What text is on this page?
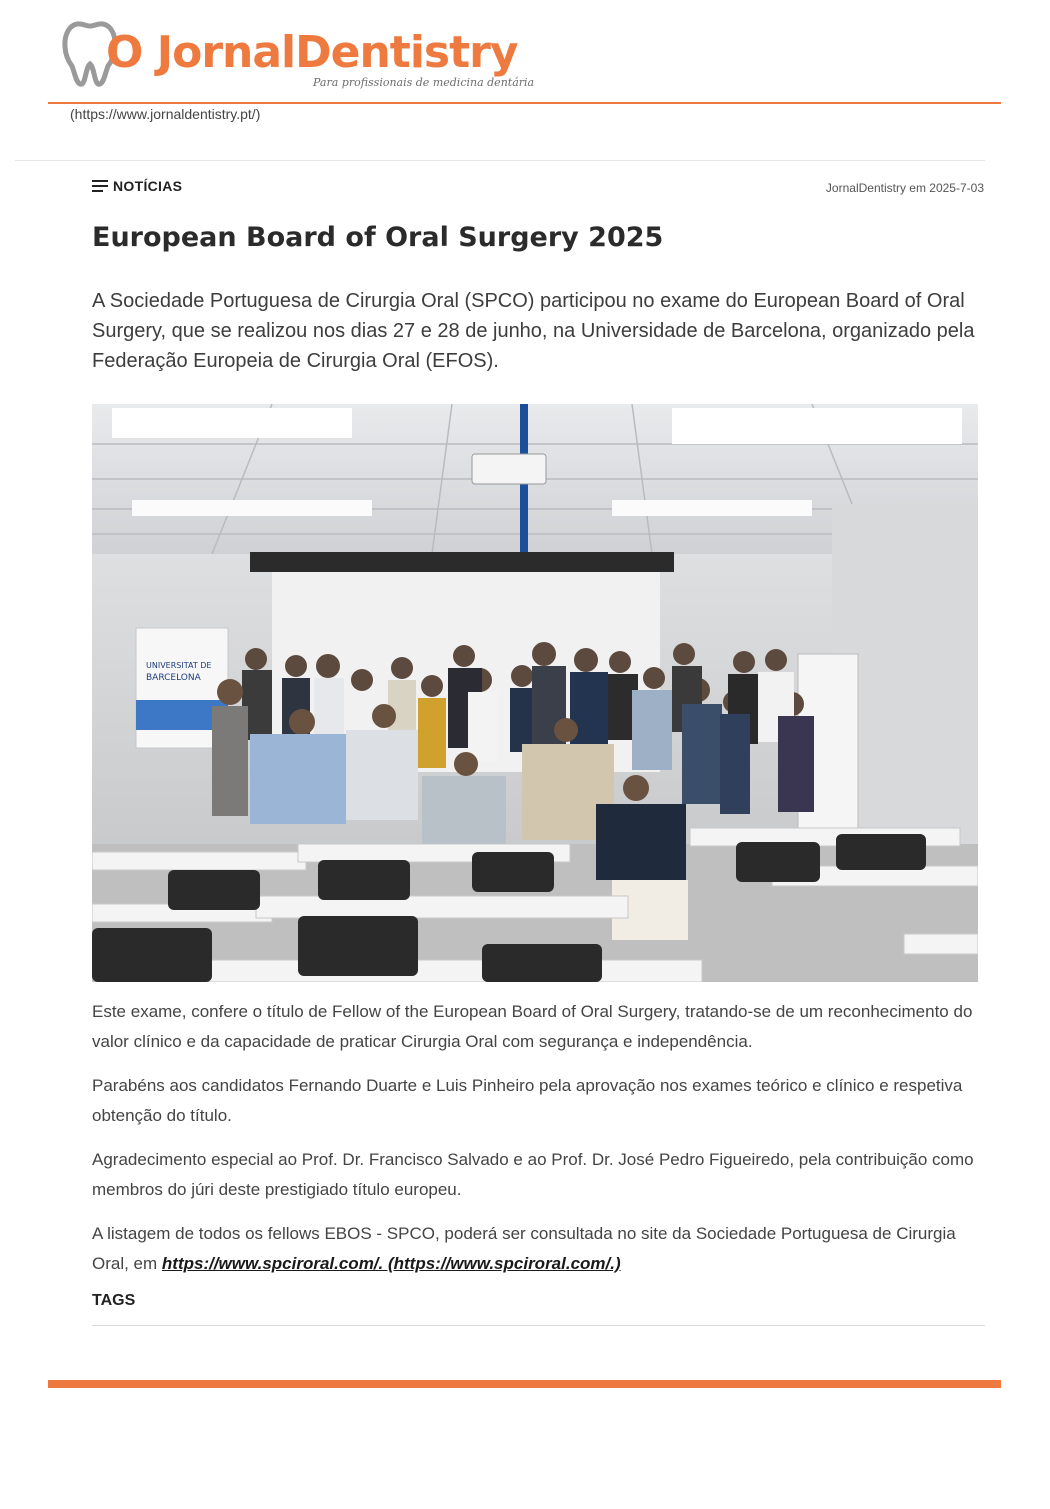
O JornalDentistry
Para profissionais de medicina dentária
(https://www.jornaldentistry.pt/)
NOTÍCIAS	JornalDentistry em 2025-7-03
European Board of Oral Surgery 2025

A Sociedade Portuguesa de Cirurgia Oral (SPCO) participou no exame do European Board of Oral Surgery, que se realizou nos dias 27 e 28 de junho, na Universidade de Barcelona, organizado pela Federação Europeia de Cirurgia Oral (EFOS).

UNIVERSITAT DE
BARCELONA

Este exame, confere o título de Fellow of the European Board of Oral Surgery, tratando-se de um reconhecimento do valor clínico e da capacidade de praticar Cirurgia Oral com segurança e independência.

Parabéns aos candidatos Fernando Duarte e Luis Pinheiro pela aprovação nos exames teórico e clínico e respetiva obtenção do título.

Agradecimento especial ao Prof. Dr. Francisco Salvado e ao Prof. Dr. José Pedro Figueiredo, pela contribuição como membros do júri deste prestigiado título europeu.

A listagem de todos os fellows EBOS - SPCO, poderá ser consultada no site da Sociedade Portuguesa de Cirurgia Oral, em https://www.spciroral.com/. (https://www.spciroral.com/.)

TAGS
